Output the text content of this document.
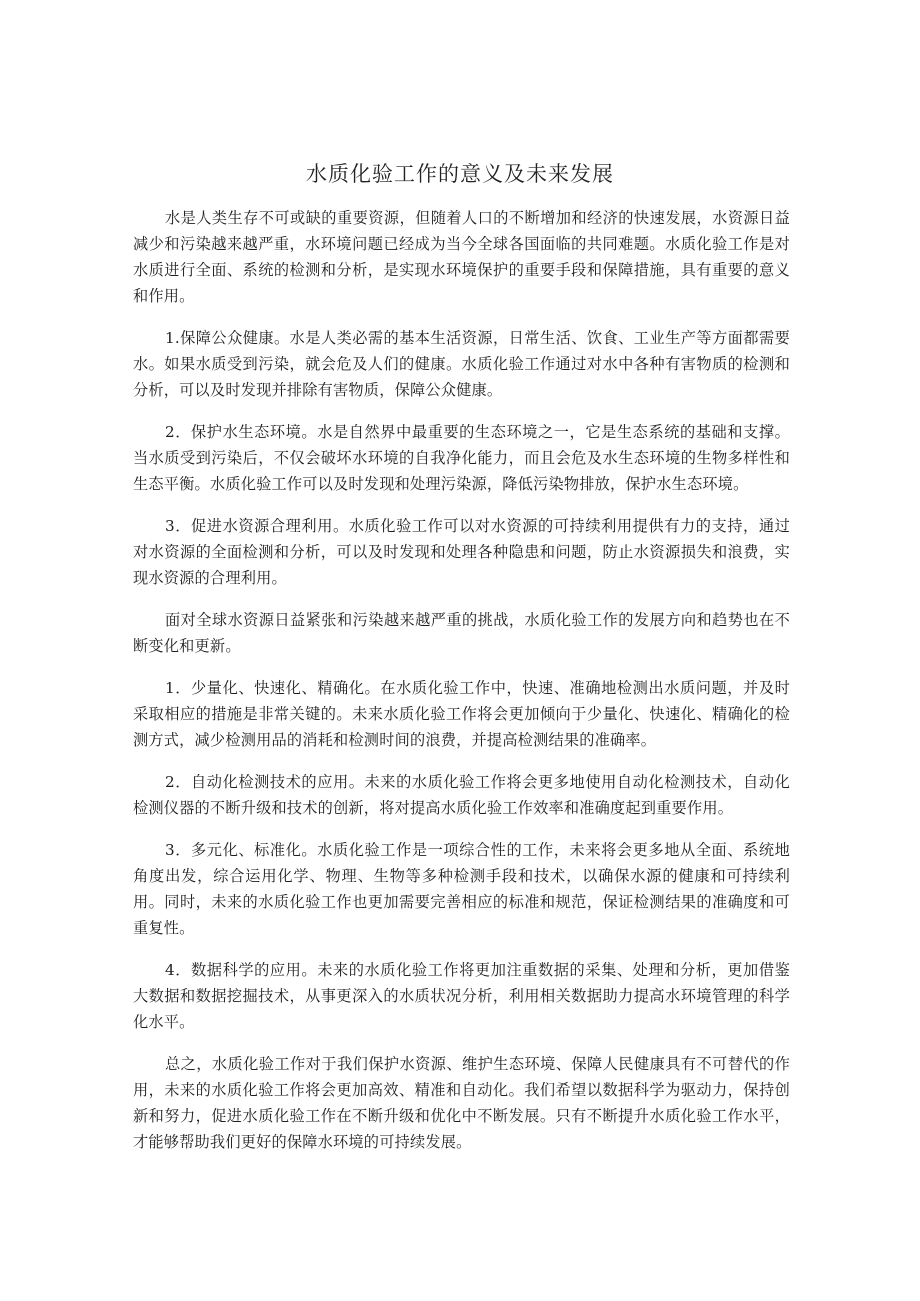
水质化验工作的意义及未来发展

水是人类生存不可或缺的重要资源，但随着人口的不断增加和经济的快速发展，水资源日益减少和污染越来越严重，水环境问题已经成为当今全球各国面临的共同难题。水质化验工作是对水质进行全面、系统的检测和分析，是实现水环境保护的重要手段和保障措施，具有重要的意义和作用。

1.保障公众健康。水是人类必需的基本生活资源，日常生活、饮食、工业生产等方面都需要水。如果水质受到污染，就会危及人们的健康。水质化验工作通过对水中各种有害物质的检测和分析，可以及时发现并排除有害物质，保障公众健康。

2．保护水生态环境。水是自然界中最重要的生态环境之一，它是生态系统的基础和支撑。当水质受到污染后，不仅会破坏水环境的自我净化能力，而且会危及水生态环境的生物多样性和生态平衡。水质化验工作可以及时发现和处理污染源，降低污染物排放，保护水生态环境。

3．促进水资源合理利用。水质化验工作可以对水资源的可持续利用提供有力的支持，通过对水资源的全面检测和分析，可以及时发现和处理各种隐患和问题，防止水资源损失和浪费，实现水资源的合理利用。

面对全球水资源日益紧张和污染越来越严重的挑战，水质化验工作的发展方向和趋势也在不断变化和更新。

1．少量化、快速化、精确化。在水质化验工作中，快速、准确地检测出水质问题，并及时采取相应的措施是非常关键的。未来水质化验工作将会更加倾向于少量化、快速化、精确化的检测方式，减少检测用品的消耗和检测时间的浪费，并提高检测结果的准确率。

2．自动化检测技术的应用。未来的水质化验工作将会更多地使用自动化检测技术，自动化检测仪器的不断升级和技术的创新，将对提高水质化验工作效率和准确度起到重要作用。

3．多元化、标准化。水质化验工作是一项综合性的工作，未来将会更多地从全面、系统地角度出发，综合运用化学、物理、生物等多种检测手段和技术，以确保水源的健康和可持续利用。同时，未来的水质化验工作也更加需要完善相应的标准和规范，保证检测结果的准确度和可重复性。

4．数据科学的应用。未来的水质化验工作将更加注重数据的采集、处理和分析，更加借鉴大数据和数据挖掘技术，从事更深入的水质状况分析，利用相关数据助力提高水环境管理的科学化水平。

总之，水质化验工作对于我们保护水资源、维护生态环境、保障人民健康具有不可替代的作用，未来的水质化验工作将会更加高效、精准和自动化。我们希望以数据科学为驱动力，保持创新和努力，促进水质化验工作在不断升级和优化中不断发展。只有不断提升水质化验工作水平，才能够帮助我们更好的保障水环境的可持续发展。
